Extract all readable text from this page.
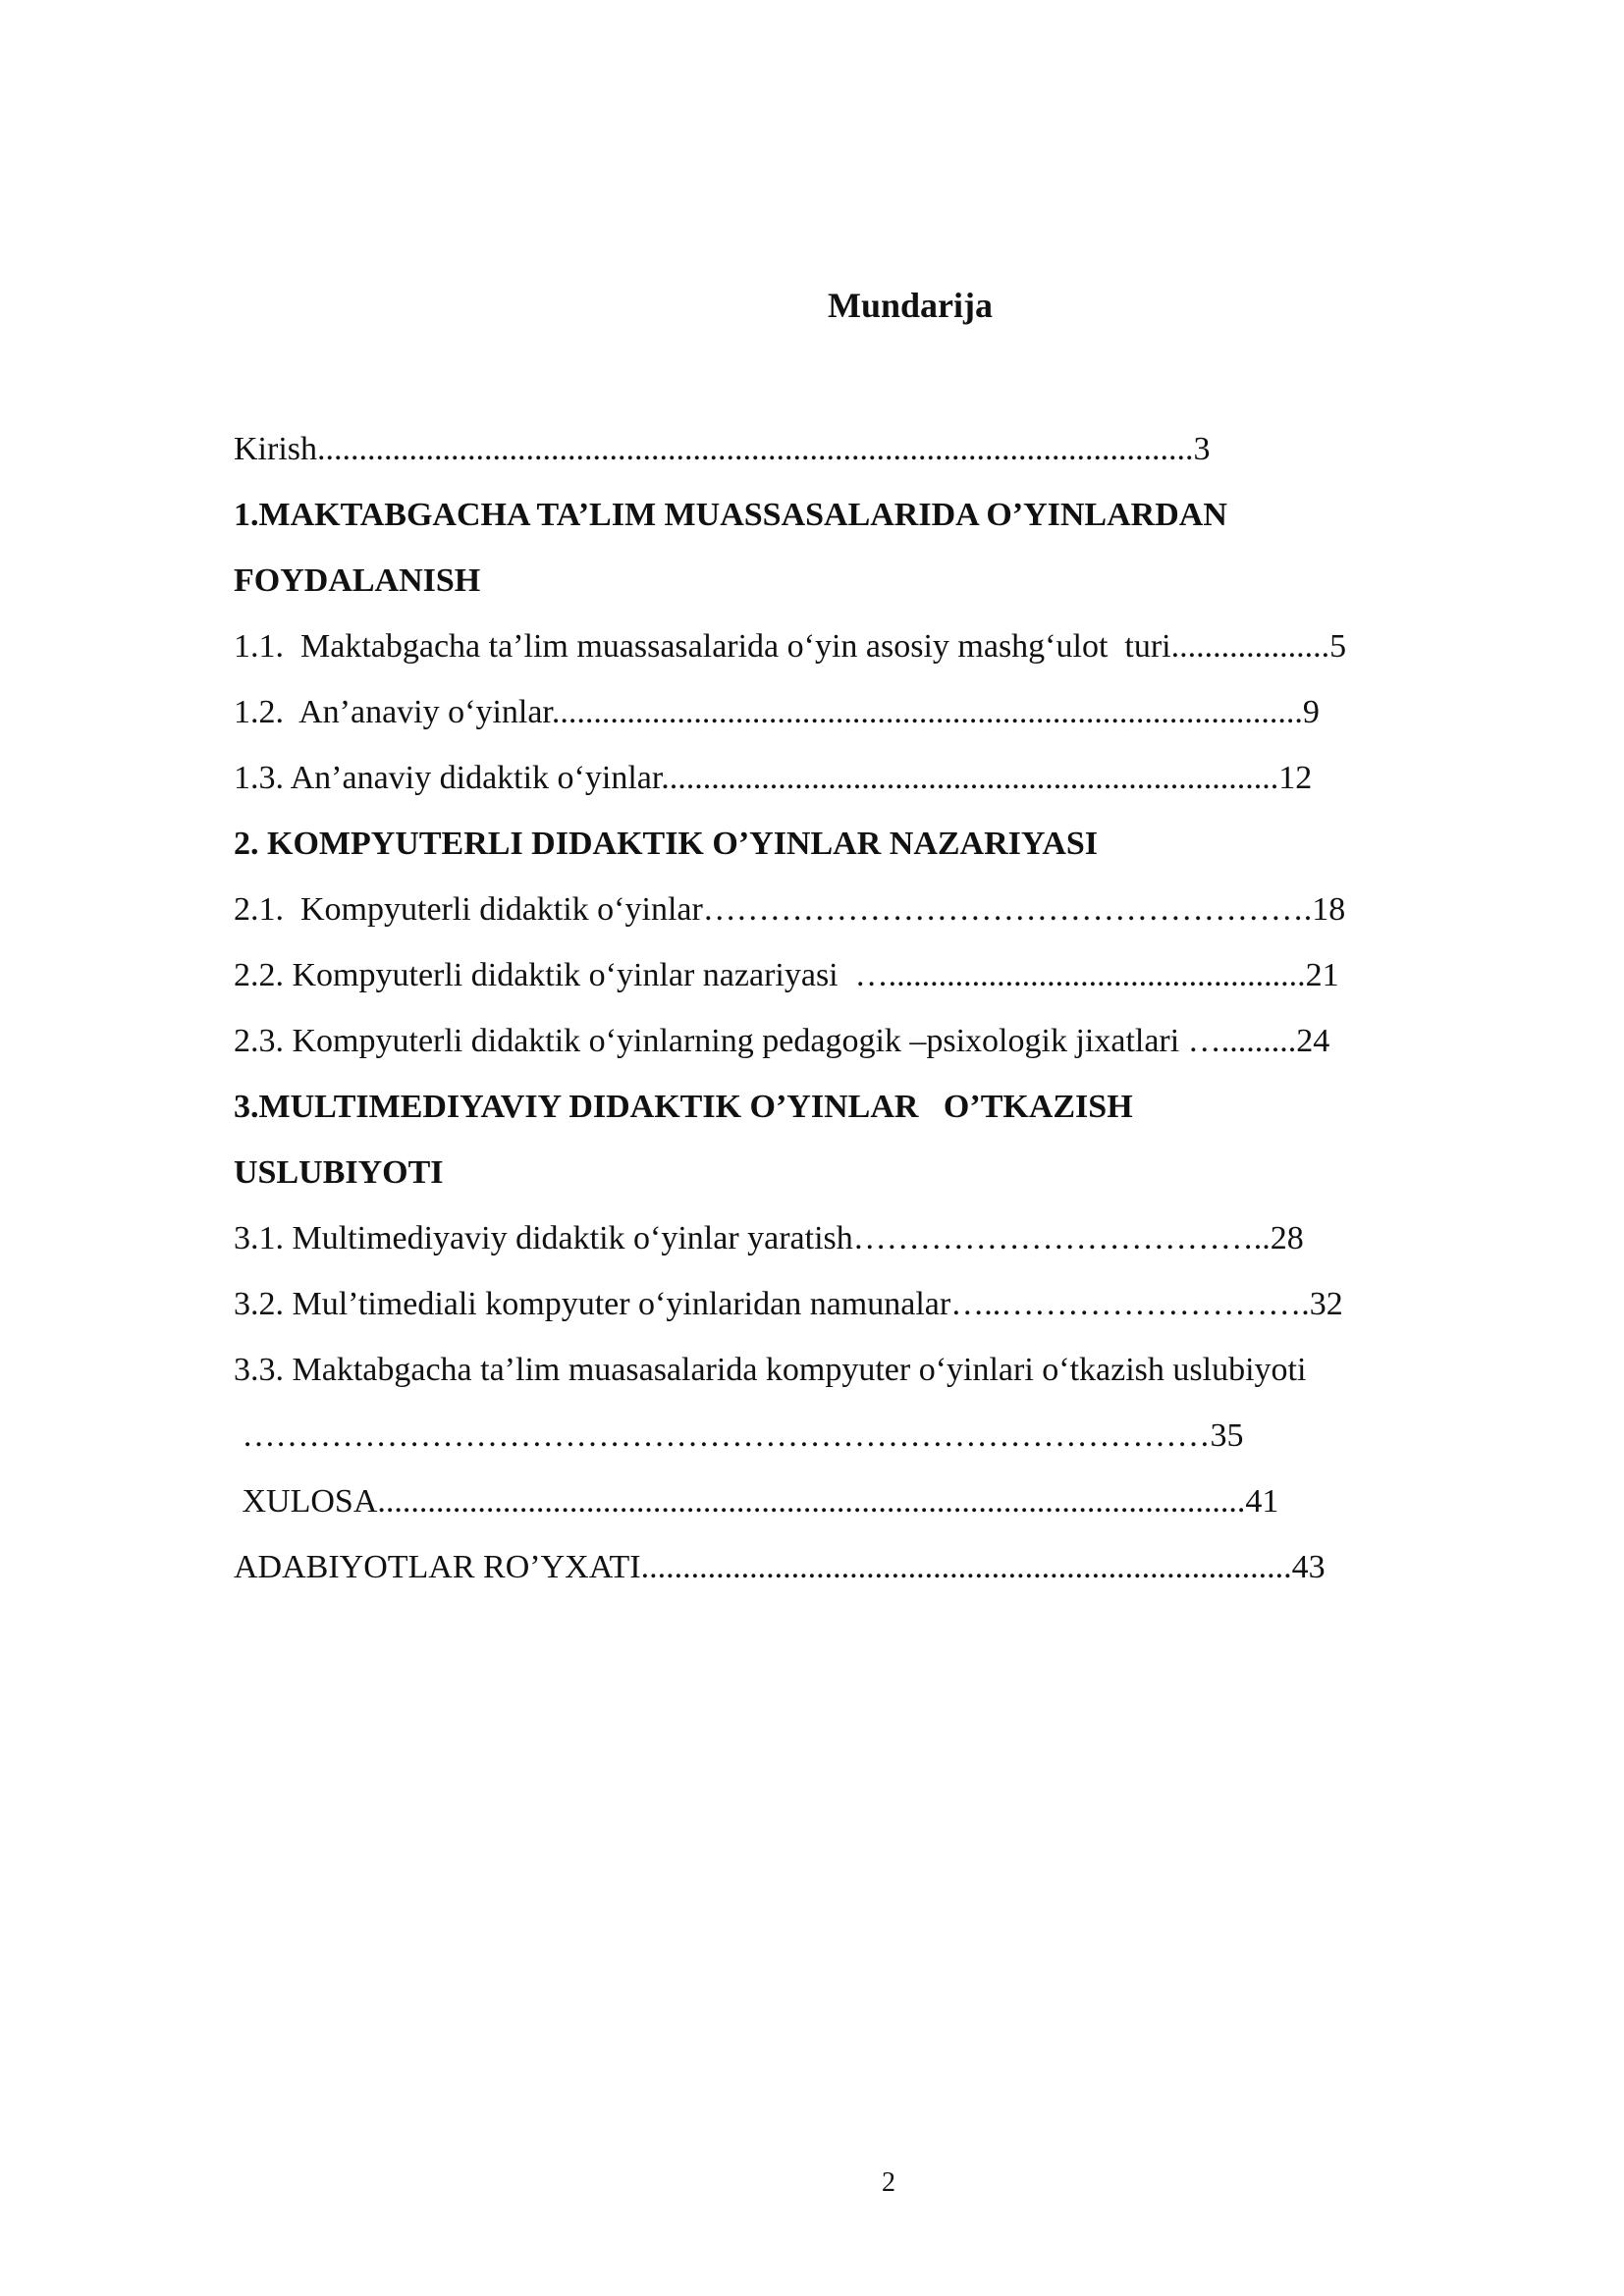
Mundarija
Kirish.........................................................................................................3
1.MAKTABGACHA TA’LIM MUASSASALARIDA O’YINLARDAN
FOYDALANISH
1.1.  Maktabgacha ta’lim muassasalarida o‘yin asosiy mashg‘ulot  turi...................5
1.2.  An’anaviy o‘yinlar..........................................................................................9
1.3. An’anaviy didaktik o‘yinlar..........................................................................12
2. KOMPYUTERLI DIDAKTIK O’YINLAR NAZARIYASI
2.1.  Kompyuterli didaktik o‘yinlar……………………………………………….18
2.2. Kompyuterli didaktik o‘yinlar nazariyasi  …..................................................21
2.3. Kompyuterli didaktik o‘yinlarning pedagogik –psixologik jixatlari ….........24
3.MULTIMEDIYAVIY DIDAKTIK O’YINLAR   O’TKAZISH
USLUBIYOTI
3.1. Multimediyaviy didaktik o‘yinlar yaratish………………………………..28
3.2. Mul’timediali kompyuter o‘yinlaridan namunalar…..……………………….32
3.3. Maktabgacha ta’lim muasasalarida kompyuter o‘yinlari o‘tkazish uslubiyoti
……………………………………………………………………………35
XULOSA........................................................................................................41
ADABIYOTLAR RO’YXATI..............................................................................43
2
